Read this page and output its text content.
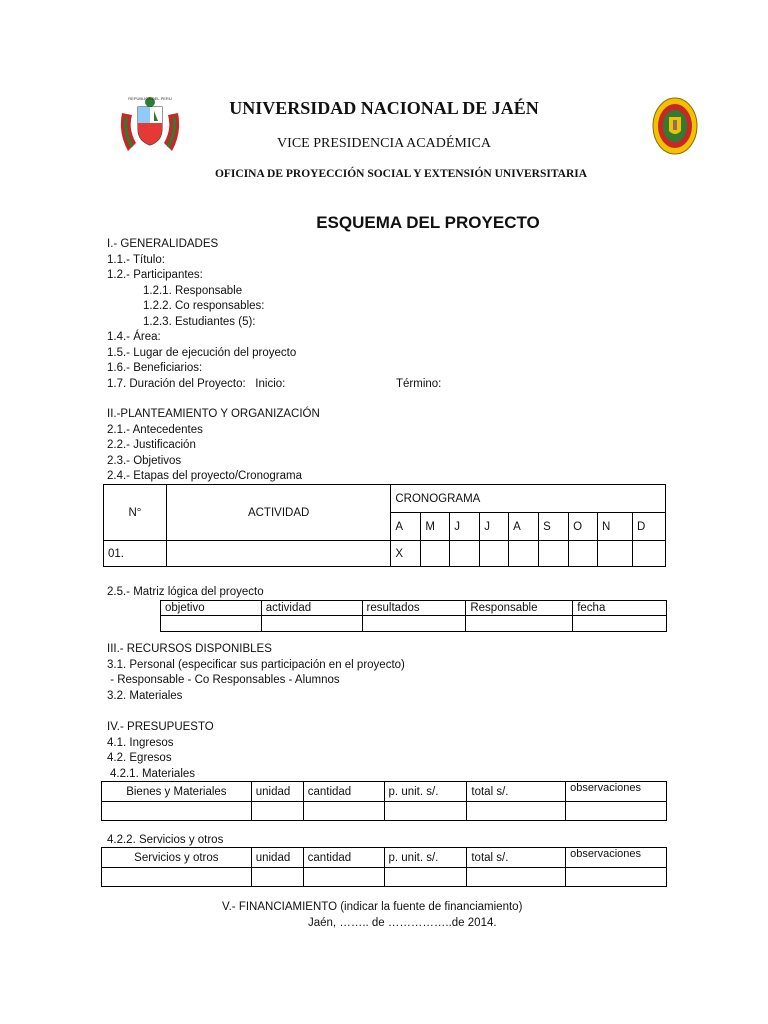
REPUBLICA DEL PERU	UNIVERSIDAD NACIONAL DE JAÉN
VICE PRESIDENCIA ACADÉMICA
OFICINA DE PROYECCIÓN SOCIAL Y EXTENSIÓN UNIVERSITARIA
ESQUEMA DEL PROYECTO
I.- GENERALIDADES
1.1.- Título:
1.2.- Participantes:
1.2.1. Responsable
1.2.2. Co responsables:
1.2.3. Estudiantes (5):
1.4.- Área:
1.5.- Lugar de ejecución del proyecto
1.6.- Beneficiarios:
1.7. Duración del Proyecto:   Inicio:	Término:
II.-PLANTEAMIENTO Y ORGANIZACIÓN
2.1.- Antecedentes
2.2.- Justificación
2.3.- Objetivos
2.4.- Etapas del proyecto/Cronograma
N°	ACTIVIDAD	CRONOGRAMA								
		A	M	J	J	A	S	O	N	D
01.		X								
2.5.- Matriz lógica del proyecto
objetivo	actividad	resultados	Responsable	fecha

III.- RECURSOS DISPONIBLES
3.1. Personal (especificar sus participación en el proyecto)
- Responsable - Co Responsables - Alumnos
3.2. Materiales
IV.- PRESUPUESTO
4.1. Ingresos
4.2. Egresos
4.2.1. Materiales
Bienes y Materiales	unidad	cantidad	p. unit. s/.	total s/.	observaciones

4.2.2. Servicios y otros
Servicios y otros	unidad	cantidad	p. unit. s/.	total s/.	observaciones

V.- FINANCIAMIENTO (indicar la fuente de financiamiento)
Jaén, …….. de ……………..de 2014.
